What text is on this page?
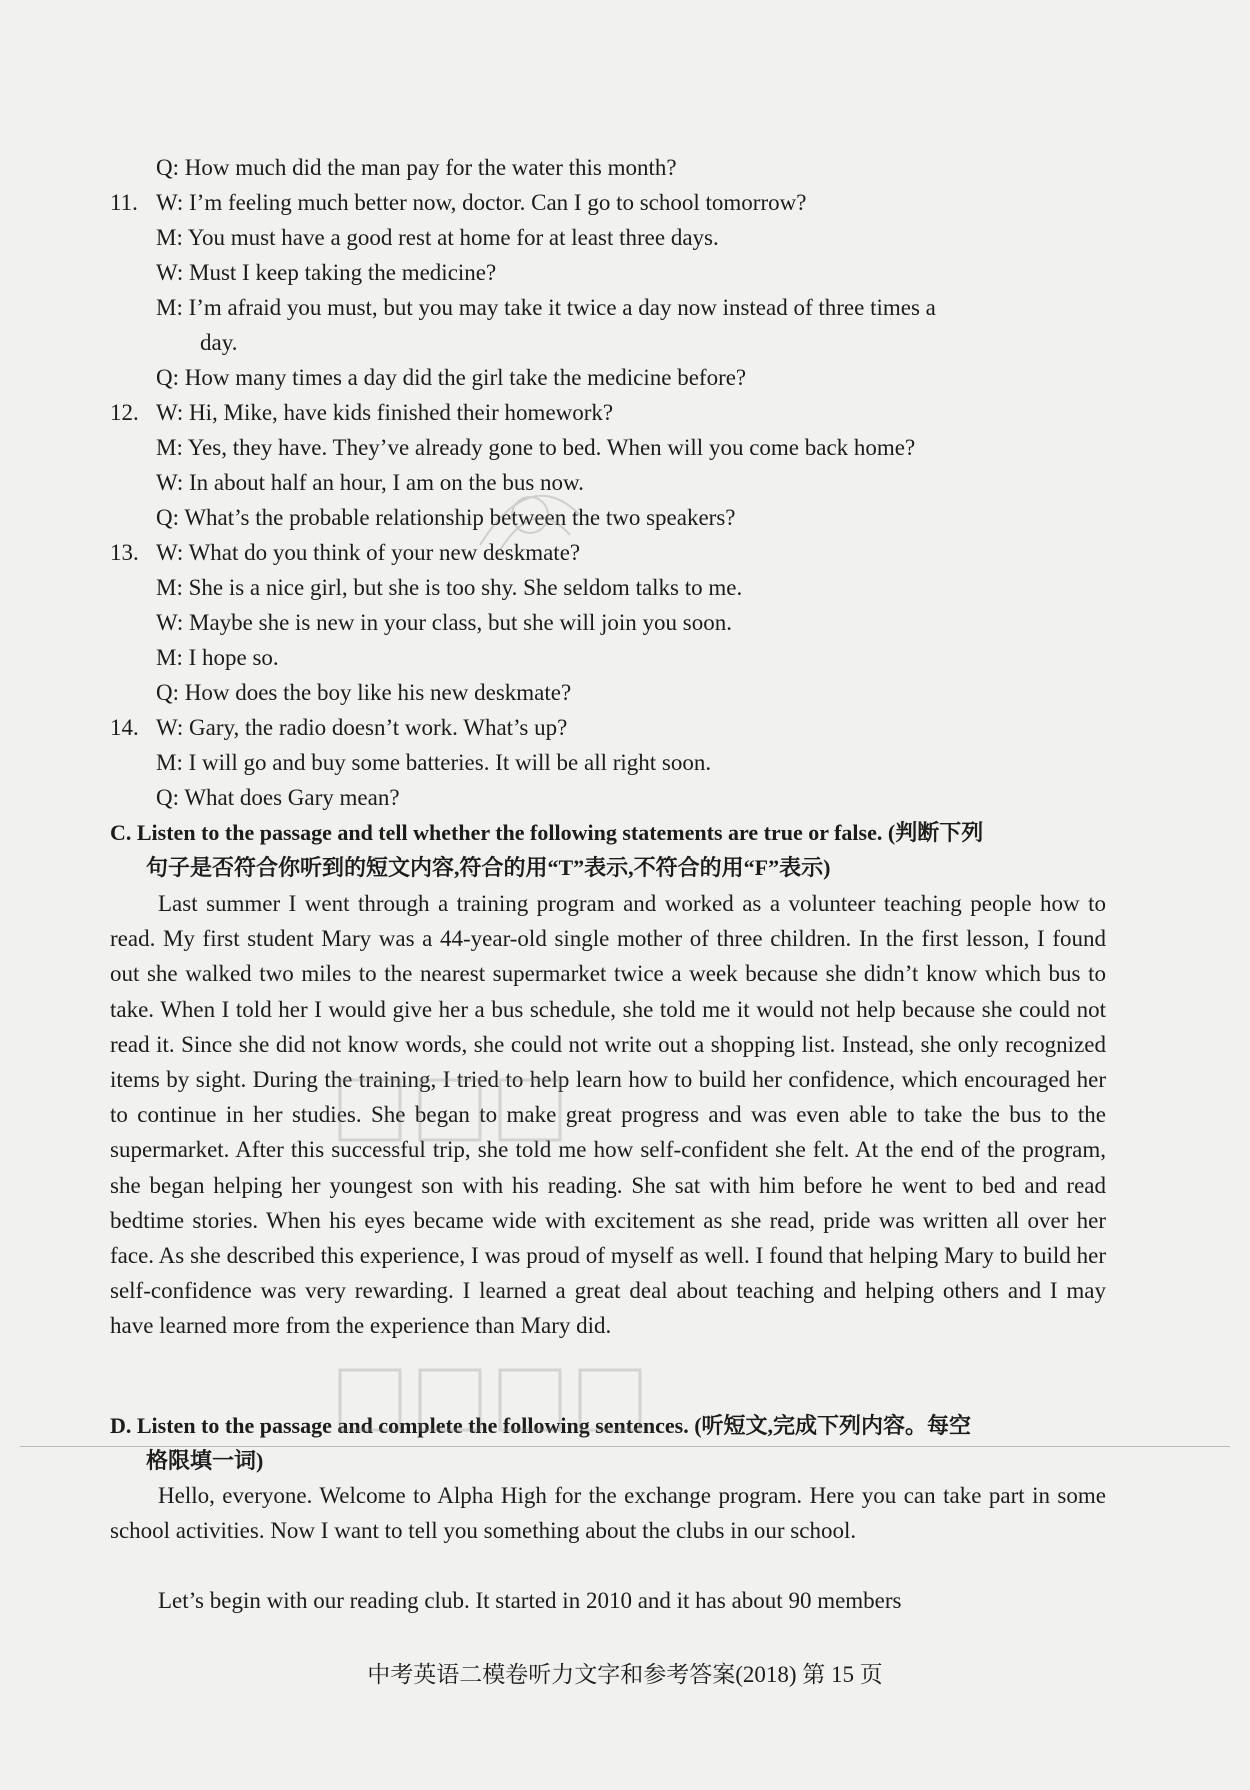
Q: How much did the man pay for the water this month?
11. W: I’m feeling much better now, doctor. Can I go to school tomorrow?
M: You must have a good rest at home for at least three days.
W: Must I keep taking the medicine?
M: I’m afraid you must, but you may take it twice a day now instead of three times a
day.
Q: How many times a day did the girl take the medicine before?
12. W: Hi, Mike, have kids finished their homework?
M: Yes, they have. They’ve already gone to bed. When will you come back home?
W: In about half an hour, I am on the bus now.
Q: What’s the probable relationship between the two speakers?
13. W: What do you think of your new deskmate?
M: She is a nice girl, but she is too shy. She seldom talks to me.
W: Maybe she is new in your class, but she will join you soon.
M: I hope so.
Q: How does the boy like his new deskmate?
14. W: Gary, the radio doesn’t work. What’s up?
M: I will go and buy some batteries. It will be all right soon.
Q: What does Gary mean?
C. Listen to the passage and tell whether the following statements are true or false. (判断下列
句子是否符合你听到的短文内容,符合的用“T”表示,不符合的用“F”表示)
Last summer I went through a training program and worked as a volunteer teaching people how to read. My first student Mary was a 44-year-old single mother of three children. In the first lesson, I found out she walked two miles to the nearest supermarket twice a week because she didn’t know which bus to take. When I told her I would give her a bus schedule, she told me it would not help because she could not read it. Since she did not know words, she could not write out a shopping list. Instead, she only recognized items by sight. During the training, I tried to help learn how to build her confidence, which encouraged her to continue in her studies. She began to make great progress and was even able to take the bus to the supermarket. After this successful trip, she told me how self-confident she felt. At the end of the program, she began helping her youngest son with his reading. She sat with him before he went to bed and read bedtime stories. When his eyes became wide with excitement as she read, pride was written all over her face. As she described this experience, I was proud of myself as well. I found that helping Mary to build her self-confidence was very rewarding. I learned a great deal about teaching and helping others and I may have learned more from the experience than Mary did.
D. Listen to the passage and complete the following sentences. (听短文,完成下列内容。每空
格限填一词)
Hello, everyone. Welcome to Alpha High for the exchange program. Here you can take part in some school activities. Now I want to tell you something about the clubs in our school.
Let’s begin with our reading club. It started in 2010 and it has about 90 members
中考英语二模卷听力文字和参考答案(2018) 第 15 页
